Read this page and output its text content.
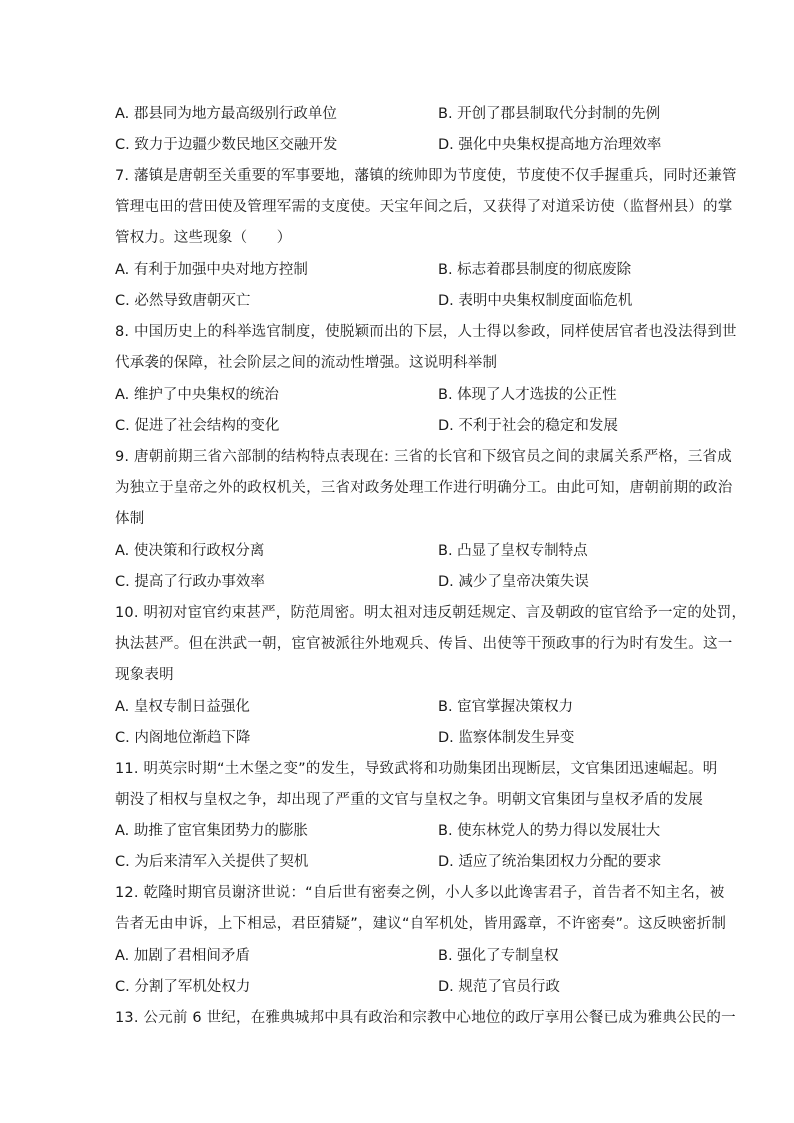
A. 郡县同为地方最高级别行政单位	B. 开创了郡县制取代分封制的先例
C. 致力于边疆少数民地区交融开发	D. 强化中央集权提高地方治理效率
7. 藩镇是唐朝至关重要的军事要地，藩镇的统帅即为节度使，节度使不仅手握重兵，同时还兼管
管理屯田的营田使及管理军需的支度使。天宝年间之后，又获得了对道采访使（监督州县）的掌
管权力。这些现象（　　）
A. 有利于加强中央对地方控制	B. 标志着郡县制度的彻底废除
C. 必然导致唐朝灭亡	D. 表明中央集权制度面临危机
8. 中国历史上的科举选官制度，使脱颖而出的下层，人士得以参政，同样使居官者也没法得到世
代承袭的保障，社会阶层之间的流动性增强。这说明科举制
A. 维护了中央集权的统治	B. 体现了人才选拔的公正性
C. 促进了社会结构的变化	D. 不利于社会的稳定和发展
9. 唐朝前期三省六部制的结构特点表现在: 三省的长官和下级官员之间的隶属关系严格，三省成
为独立于皇帝之外的政权机关，三省对政务处理工作进行明确分工。由此可知，唐朝前期的政治
体制
A. 使决策和行政权分离	B. 凸显了皇权专制特点
C. 提高了行政办事效率	D. 减少了皇帝决策失误
10. 明初对宦官约束甚严，防范周密。明太祖对违反朝廷规定、言及朝政的宦官给予一定的处罚，
执法甚严。但在洪武一朝，宦官被派往外地观兵、传旨、出使等干预政事的行为时有发生。这一
现象表明
A. 皇权专制日益强化	B. 宦官掌握决策权力
C. 内阁地位渐趋下降	D. 监察体制发生异变
11. 明英宗时期“土木堡之变”的发生，导致武将和功勋集团出现断层，文官集团迅速崛起。明
朝没了相权与皇权之争，却出现了严重的文官与皇权之争。明朝文官集团与皇权矛盾的发展
A. 助推了宦官集团势力的膨胀	B. 使东林党人的势力得以发展壮大
C. 为后来清军入关提供了契机	D. 适应了统治集团权力分配的要求
12. 乾隆时期官员谢济世说：“自后世有密奏之例，小人多以此谗害君子，首告者不知主名，被
告者无由申诉，上下相忌，君臣猜疑”，建议“自军机处，皆用露章，不许密奏”。这反映密折制
A. 加剧了君相间矛盾	B. 强化了专制皇权
C. 分割了军机处权力	D. 规范了官员行政
13. 公元前 6 世纪，在雅典城邦中具有政治和宗教中心地位的政厅享用公餐已成为雅典公民的一
